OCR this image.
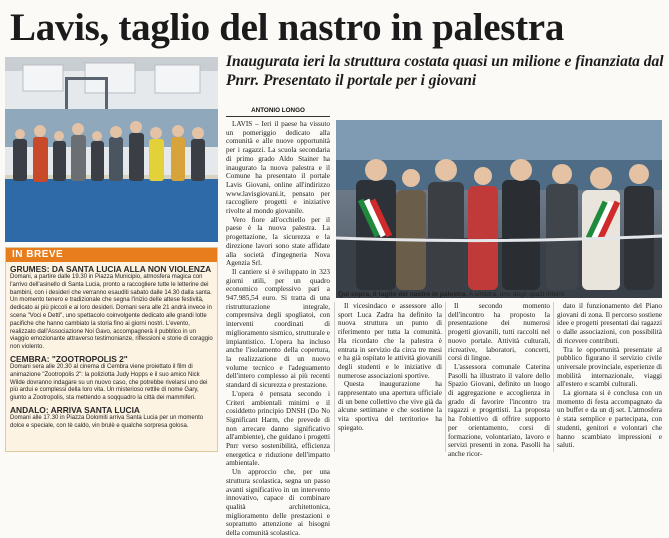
Lavis, taglio del nastro in palestra
Inaugurata ieri la struttura costata quasi un milione e finanziata dal Pnrr. Presentato il portale per i giovani
ANTONIO LONGO
Qui sopra, il taglio del nastro in palestra. A sinistra, uno degli spazi interni
IN BREVE
GRUMES: DA SANTA LUCIA ALLA NON VIOLENZA
Domani, a partire dalle 19.30 in Piazza Municipio, atmosfera magica con l'arrivo dell'asinello di Santa Lucia, pronto a raccogliere tutte le letterine dei bambini, con i desideri che verranno esauditi sabato dalle 14.30 dalla santa. Un momento tenero e tradizionale che segna l'inizio delle attese festività, dedicato ai più piccoli e ai loro desideri. Domani sera alle 21 andrà invece in scena "Voci e Detti", uno spettacolo coinvolgente dedicato alle grandi lotte pacifiche che hanno cambiato la storia fino ai giorni nostri. L'evento, realizzato dall'Associazione Noi Gavo, accompagnerà il pubblico in un viaggio emozionante attraverso testimonianze, riflessioni e storie di coraggio non violento.
CEMBRA: "ZOOTROPOLIS 2"
Domani sera alle 20.30 al cinema di Cembra viene proiettato il film di animazione "Zootropolis 2": la poliziotta Judy Hopps e il suo amico Nick Wilde dovranno indagare su un nuovo caso, che potrebbe rivelarsi uno dei più ardui e complessi della loro vita. Un misterioso rettile di nome Gary, giunto a Zootropolis, sta mettendo a soqquadro la città dei mammiferi.
ANDALO: ARRIVA SANTA LUCIA
Domani alle 17.30 in Piazza Dolomiti arriva Santa Lucia per un momento dolce e speciale, con tè caldo, vin brulè e qualche sorpresa golosa.

LAVIS – Ieri il paese ha vissuto un pomeriggio dedicato alla comunità e alle nuove opportunità per i ragazzi. La scuola secondaria di primo grado Aldo Stainer ha inaugurato la nuova palestra e il Comune ha presentato il portale Lavis Giovani, online all'indirizzo www.lavisgiovani.it, pensato per raccogliere progetti e iniziative rivolte al mondo giovanile.

Vero fiore all'occhiello per il paese è la nuova palestra. La progettazione, la sicurezza e la direzione lavori sono state affidate alla società d'ingegneria Nova Agenzia Srl.

Il cantiere si è sviluppato in 323 giorni utili, per un quadro economico complessivo pari a 947.985,54 euro. Si tratta di una ristrutturazione integrale, comprensiva degli spogliatoi, con interventi coordinati di miglioramento sismico, strutturale e impiantistico. L'opera ha incluso anche l'isolamento della copertura, la realizzazione di un nuovo volume tecnico e l'adeguamento dell'intero complesso ai più recenti standard di sicurezza e prestazione.

L'opera è pensata secondo i Criteri ambientali minimi e il cosiddetto principio DNSH (Do No Significant Harm, che prevede di non arrecare danno significativo all'ambiente), che guidano i progetti Pnrr verso sostenibilità, efficienza energetica e riduzione dell'impatto ambientale.

Un approccio che, per una struttura scolastica, segna un passo avanti significativo in un intervento innovativo, capace di combinare qualità architettonica, miglioramento delle prestazioni e soprattutto attenzione ai bisogni della comunità scolastica.

Il vicesindaco e assessore allo sport Luca Zadra ha definito la nuova struttura un punto di riferimento per tutta la comunità. Ha ricordato che la palestra è entrata in servizio da circa tre mesi e ha già ospitato le attività giovanili degli studenti e le iniziative di numerose associazioni sportive.

Questa inaugurazione ha rappresentato una apertura ufficiale di un bene collettivo che vive già da alcune settimane e che sostiene la vita sportiva del territorio» ha spiegato.

Il secondo momento dell'incontro ha proposto la presentazione dei numerosi progetti giovanili, tutti raccolti nel nuovo portale. Attività culturali, ricreative, laboratori, concerti, corsi di lingue.

L'assessora comunale Caterina Pasolli ha illustrato il valore dello Spazio Giovani, definito un luogo di aggregazione e accoglienza in grado di favorire l'incontro tra ragazzi e progettisti. La proposta ha l'obiettivo di offrire supporto per orientamento, corsi di formazione, volontariato, lavoro e servizi presenti in zona. Pasolli ha anche ricor-

dato il funzionamento del Piano giovani di zona. Il percorso sostiene idee e progetti presentati dai ragazzi o dalle associazioni, con possibilità di ricevere contributi.

Tra le opportunità presentate al pubblico figurano il servizio civile universale provinciale, esperienze di mobilità internazionale, viaggi all'estero e scambi culturali.

La giornata si è conclusa con un momento di festa accompagnato da un buffet e da un dj set. L'atmosfera è stata semplice e partecipata, con studenti, genitori e volontari che hanno scambiato impressioni e saluti.
